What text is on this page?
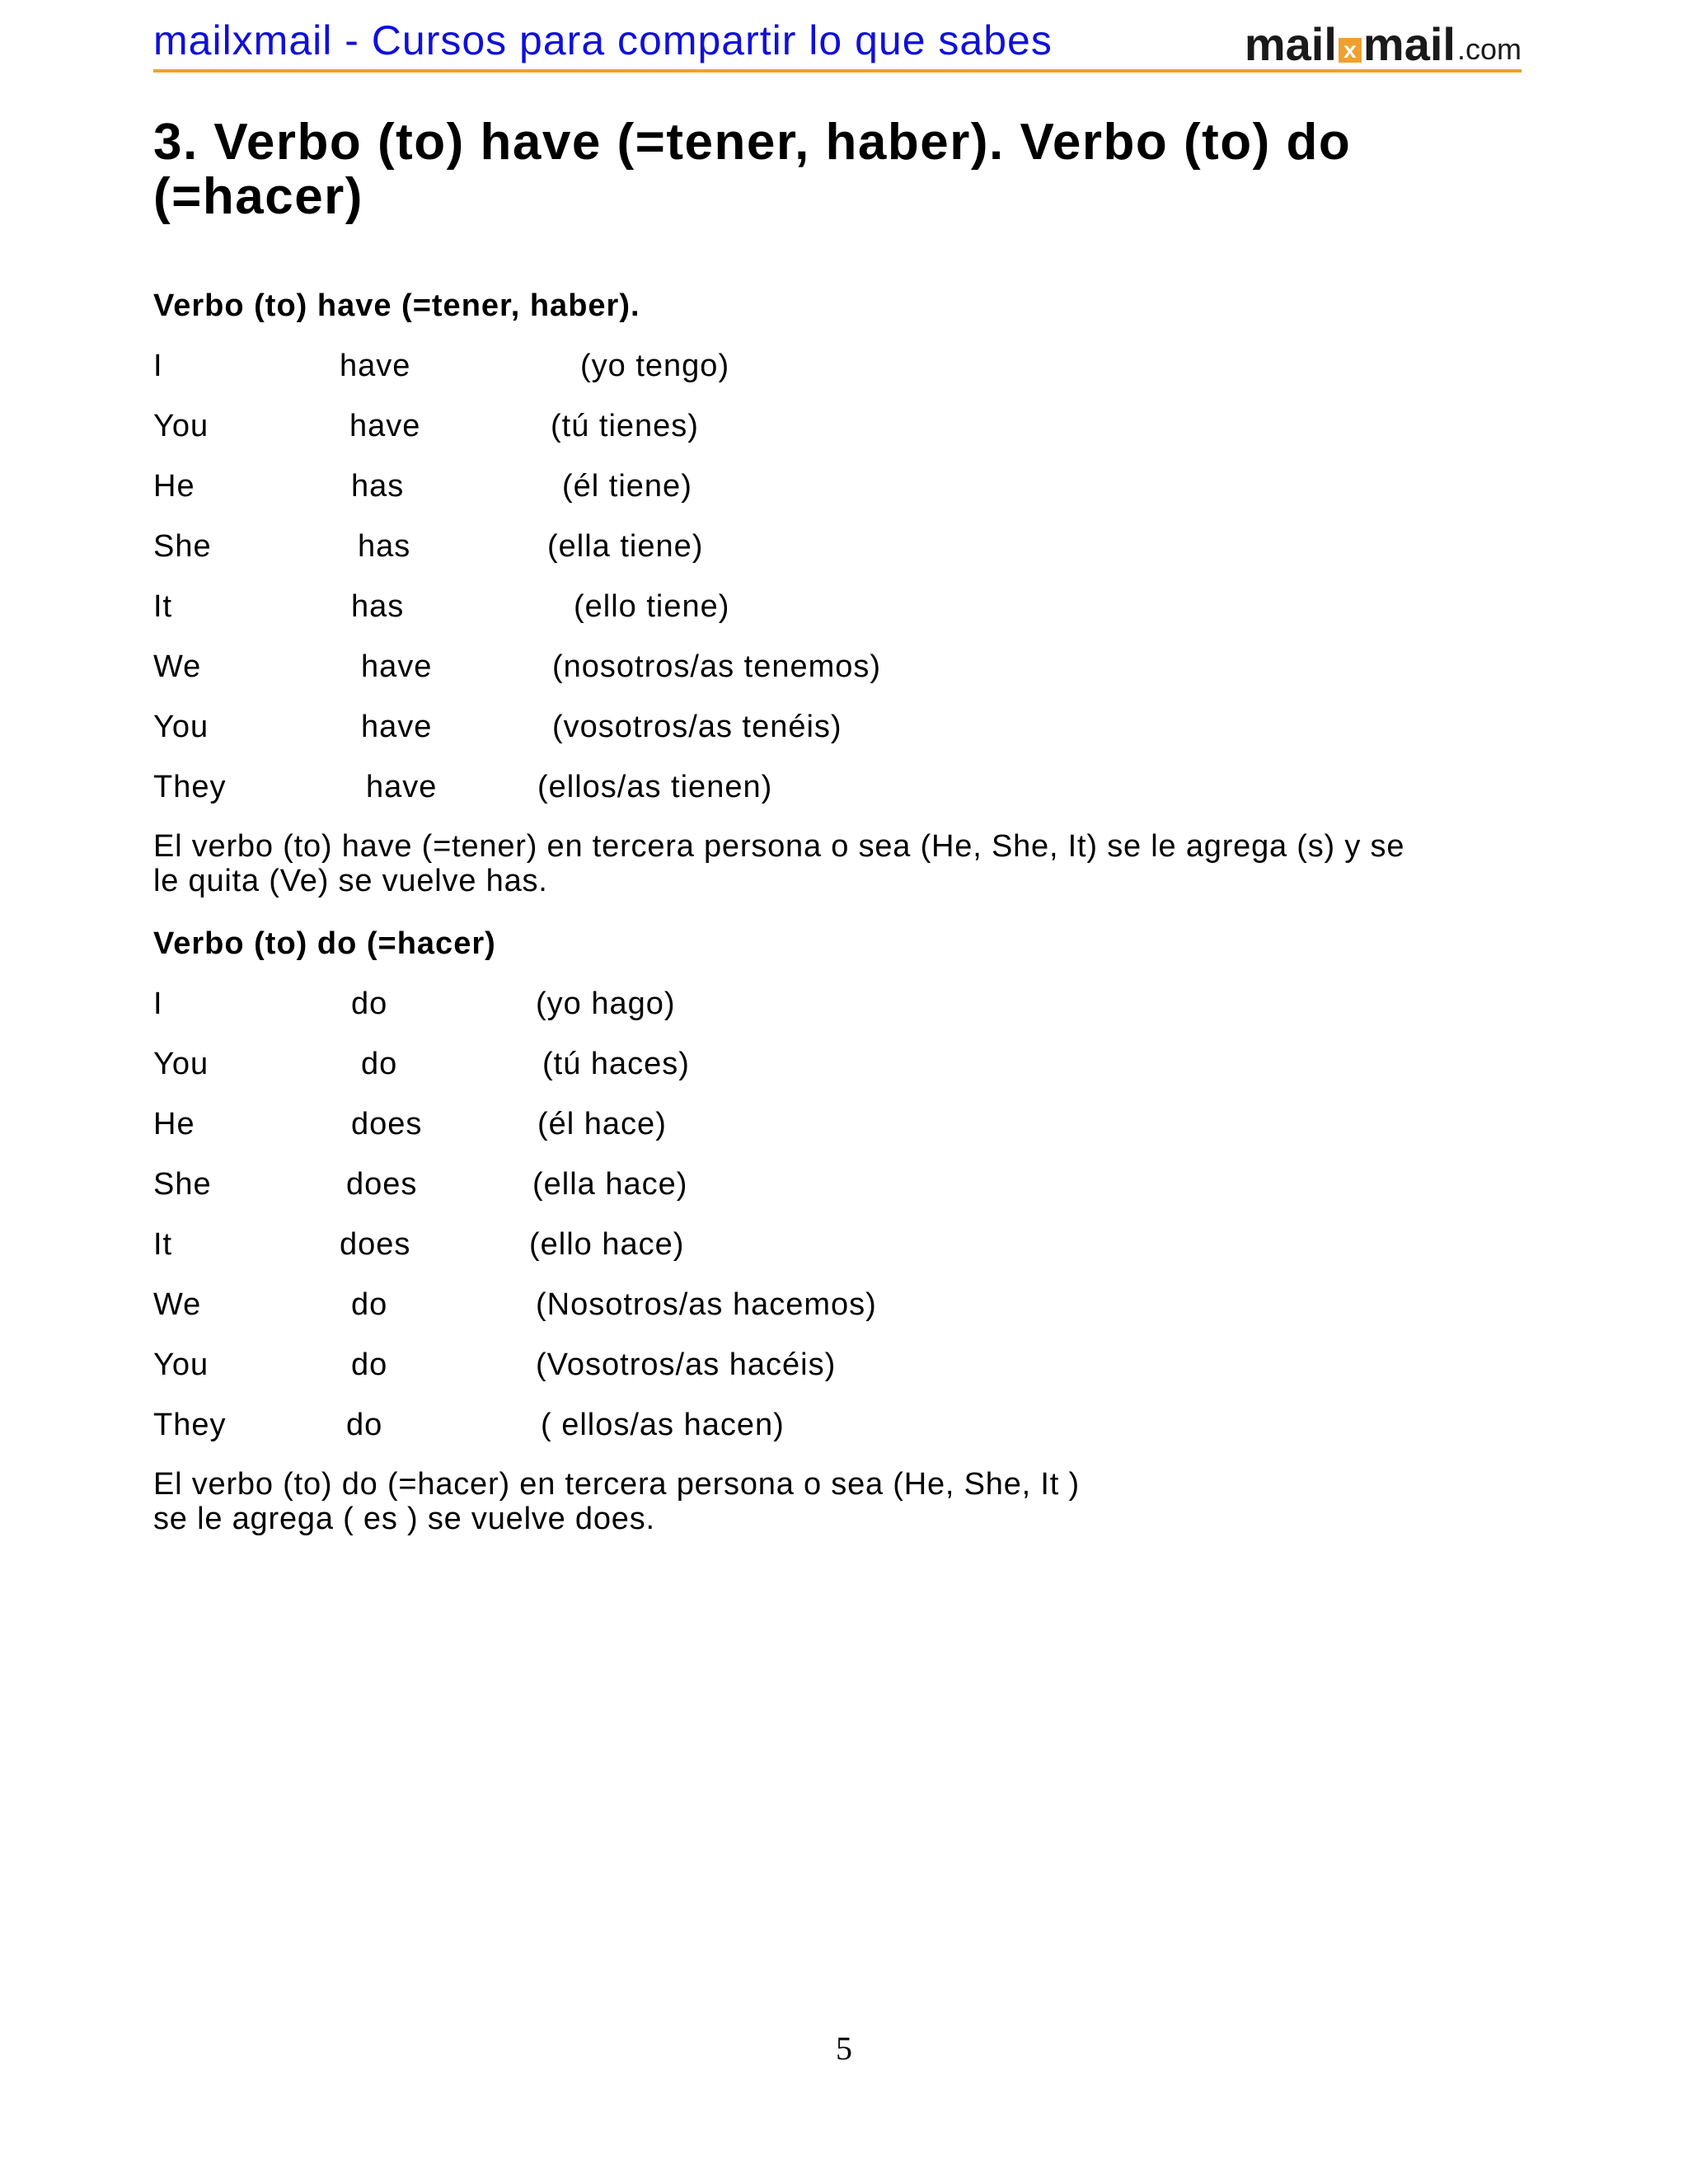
mailxmail - Cursos para compartir lo que sabes	mail x mail .com
3. Verbo (to) have (=tener, haber). Verbo (to) do (=hacer)
Verbo (to) have (=tener, haber).
I	have	(yo tengo)
You	have	(tú tienes)
He	has	(él tiene)
She	has	(ella tiene)
It	has	(ello tiene)
We	have	(nosotros/as tenemos)
You	have	(vosotros/as tenéis)
They	have	(ellos/as tienen)

El verbo (to) have (=tener) en tercera persona o sea (He, She, It) se le agrega (s) y se
le quita (Ve) se vuelve has.

Verbo (to) do (=hacer)
I	do	(yo hago)
You	do	(tú haces)
He	does	(él hace)
She	does	(ella hace)
It	does	(ello hace)
We	do	(Nosotros/as hacemos)
You	do	(Vosotros/as hacéis)
They	do	( ellos/as hacen)

El verbo (to) do (=hacer) en tercera persona o sea (He, She, It )
se le agrega ( es ) se vuelve does.

5
